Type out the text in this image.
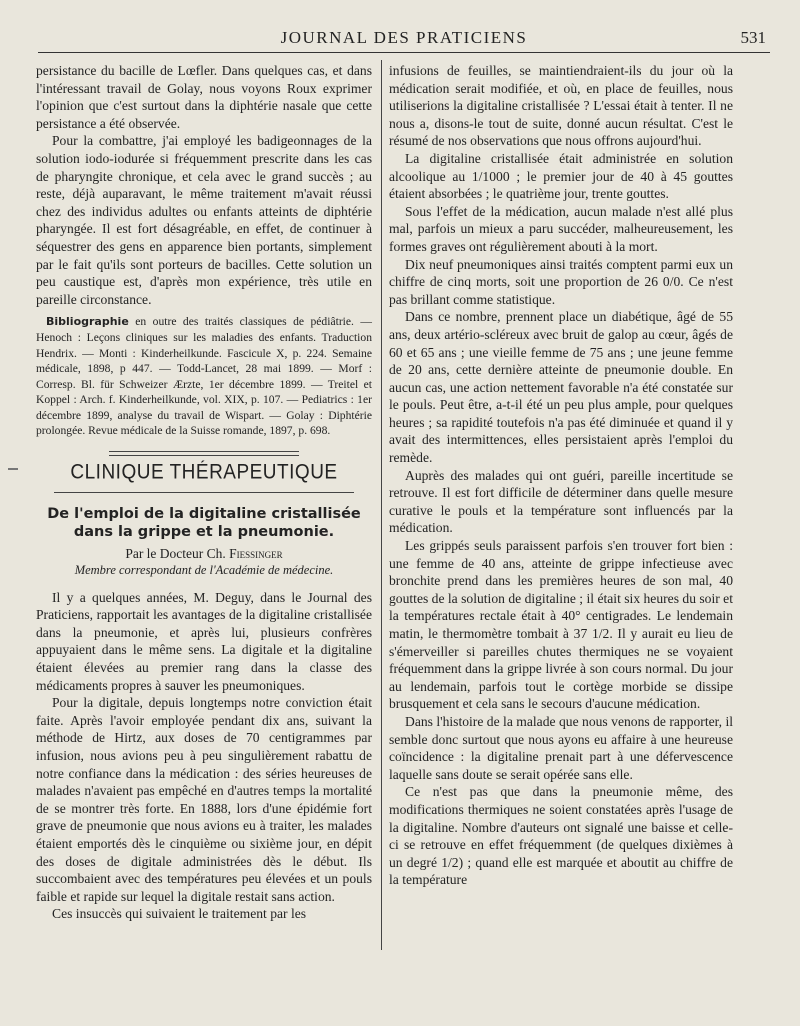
JOURNAL DES PRATICIENS	531

persistance du bacille de Lœfler. Dans quelques cas, et dans l'intéressant travail de Golay, nous voyons Roux exprimer l'opinion que c'est surtout dans la diphtérie nasale que cette persistance a été observée.

Pour la combattre, j'ai employé les badigeonnages de la solution iodo-iodurée si fréquemment prescrite dans les cas de pharyngite chronique, et cela avec le grand succès ; au reste, déjà auparavant, le même traitement m'avait réussi chez des individus adultes ou enfants atteints de diphtérie pharyngée. Il est fort désagréable, en effet, de continuer à séquestrer des gens en apparence bien portants, simplement par le fait qu'ils sont porteurs de bacilles. Cette solution un peu caustique est, d'après mon expérience, très utile en pareille circonstance.

Bibliographie en outre des traités classiques de pédiâtrie. — Henoch : Leçons cliniques sur les maladies des enfants. Traduction Hendrix. — Monti : Kinderheilkunde. Fascicule X, p. 224. Semaine médicale, 1898, p 447. — Todd-Lancet, 28 mai 1899. — Morf : Corresp. Bl. für Schweizer Ærzte, 1er décembre 1899. — Treitel et Koppel : Arch. f. Kinderheilkunde, vol. XIX, p. 107. — Pediatrics : 1er décembre 1899, analyse du travail de Wispart. — Golay : Diphtérie prolongée. Revue médicale de la Suisse romande, 1897, p. 698.
CLINIQUE THÉRAPEUTIQUE
De l'emploi de la digitaline cristallisée
dans la grippe et la pneumonie.
Par le Docteur Ch. Fiessinger
Membre correspondant de l'Académie de médecine.

Il y a quelques années, M. Deguy, dans le Journal des Praticiens, rapportait les avantages de la digitaline cristallisée dans la pneumonie, et après lui, plusieurs confrères appuyaient dans le même sens. La digitale et la digitaline étaient élevées au premier rang dans la classe des médicaments propres à sauver les pneumoniques.

Pour la digitale, depuis longtemps notre conviction était faite. Après l'avoir employée pendant dix ans, suivant la méthode de Hirtz, aux doses de 70 centigrammes par infusion, nous avions peu à peu singulièrement rabattu de notre confiance dans la médication : des séries heureuses de malades n'avaient pas empêché en d'autres temps la mortalité de se montrer très forte. En 1888, lors d'une épidémie fort grave de pneumonie que nous avions eu à traiter, les malades étaient emportés dès le cinquième ou sixième jour, en dépit des doses de digitale administrées dès le début. Ils succombaient avec des températures peu élevées et un pouls faible et rapide sur lequel la digitale restait sans action.

Ces insuccès qui suivaient le traitement par les

infusions de feuilles, se maintiendraient-ils du jour où la médication serait modifiée, et où, en place de feuilles, nous utiliserions la digitaline cristallisée ? L'essai était à tenter. Il ne nous a, disons-le tout de suite, donné aucun résultat. C'est le résumé de nos observations que nous offrons aujourd'hui.

La digitaline cristallisée était administrée en solution alcoolique au 1/1000 ; le premier jour de 40 à 45 gouttes étaient absorbées ; le quatrième jour, trente gouttes.

Sous l'effet de la médication, aucun malade n'est allé plus mal, parfois un mieux a paru succéder, malheureusement, les formes graves ont régulièrement abouti à la mort.

Dix neuf pneumoniques ainsi traités comptent parmi eux un chiffre de cinq morts, soit une proportion de 26 0/0. Ce n'est pas brillant comme statistique.

Dans ce nombre, prennent place un diabétique, âgé de 55 ans, deux artério-scléreux avec bruit de galop au cœur, âgés de 60 et 65 ans ; une vieille femme de 75 ans ; une jeune femme de 20 ans, cette dernière atteinte de pneumonie double. En aucun cas, une action nettement favorable n'a été constatée sur le pouls. Peut être, a-t-il été un peu plus ample, pour quelques heures ; sa rapidité toutefois n'a pas été diminuée et quand il y avait des intermittences, elles persistaient après l'emploi du remède.

Auprès des malades qui ont guéri, pareille incertitude se retrouve. Il est fort difficile de déterminer dans quelle mesure curative le pouls et la température sont influencés par la médication.

Les grippés seuls paraissent parfois s'en trouver fort bien : une femme de 40 ans, atteinte de grippe infectieuse avec bronchite prend dans les premières heures de son mal, 40 gouttes de la solution de digitaline ; il était six heures du soir et la températures rectale était à 40° centigrades. Le lendemain matin, le thermomètre tombait à 37 1/2. Il y aurait eu lieu de s'émerveiller si pareilles chutes thermiques ne se voyaient fréquemment dans la grippe livrée à son cours normal. Du jour au lendemain, parfois tout le cortège morbide se dissipe brusquement et cela sans le secours d'aucune médication.

Dans l'histoire de la malade que nous venons de rapporter, il semble donc surtout que nous ayons eu affaire à une heureuse coïncidence : la digitaline prenait part à une défervescence laquelle sans doute se serait opérée sans elle.

Ce n'est pas que dans la pneumonie même, des modifications thermiques ne soient constatées après l'usage de la digitaline. Nombre d'auteurs ont signalé une baisse et celle-ci se retrouve en effet fréquemment (de quelques dixièmes à un degré 1/2) ; quand elle est marquée et aboutit au chiffre de la température
